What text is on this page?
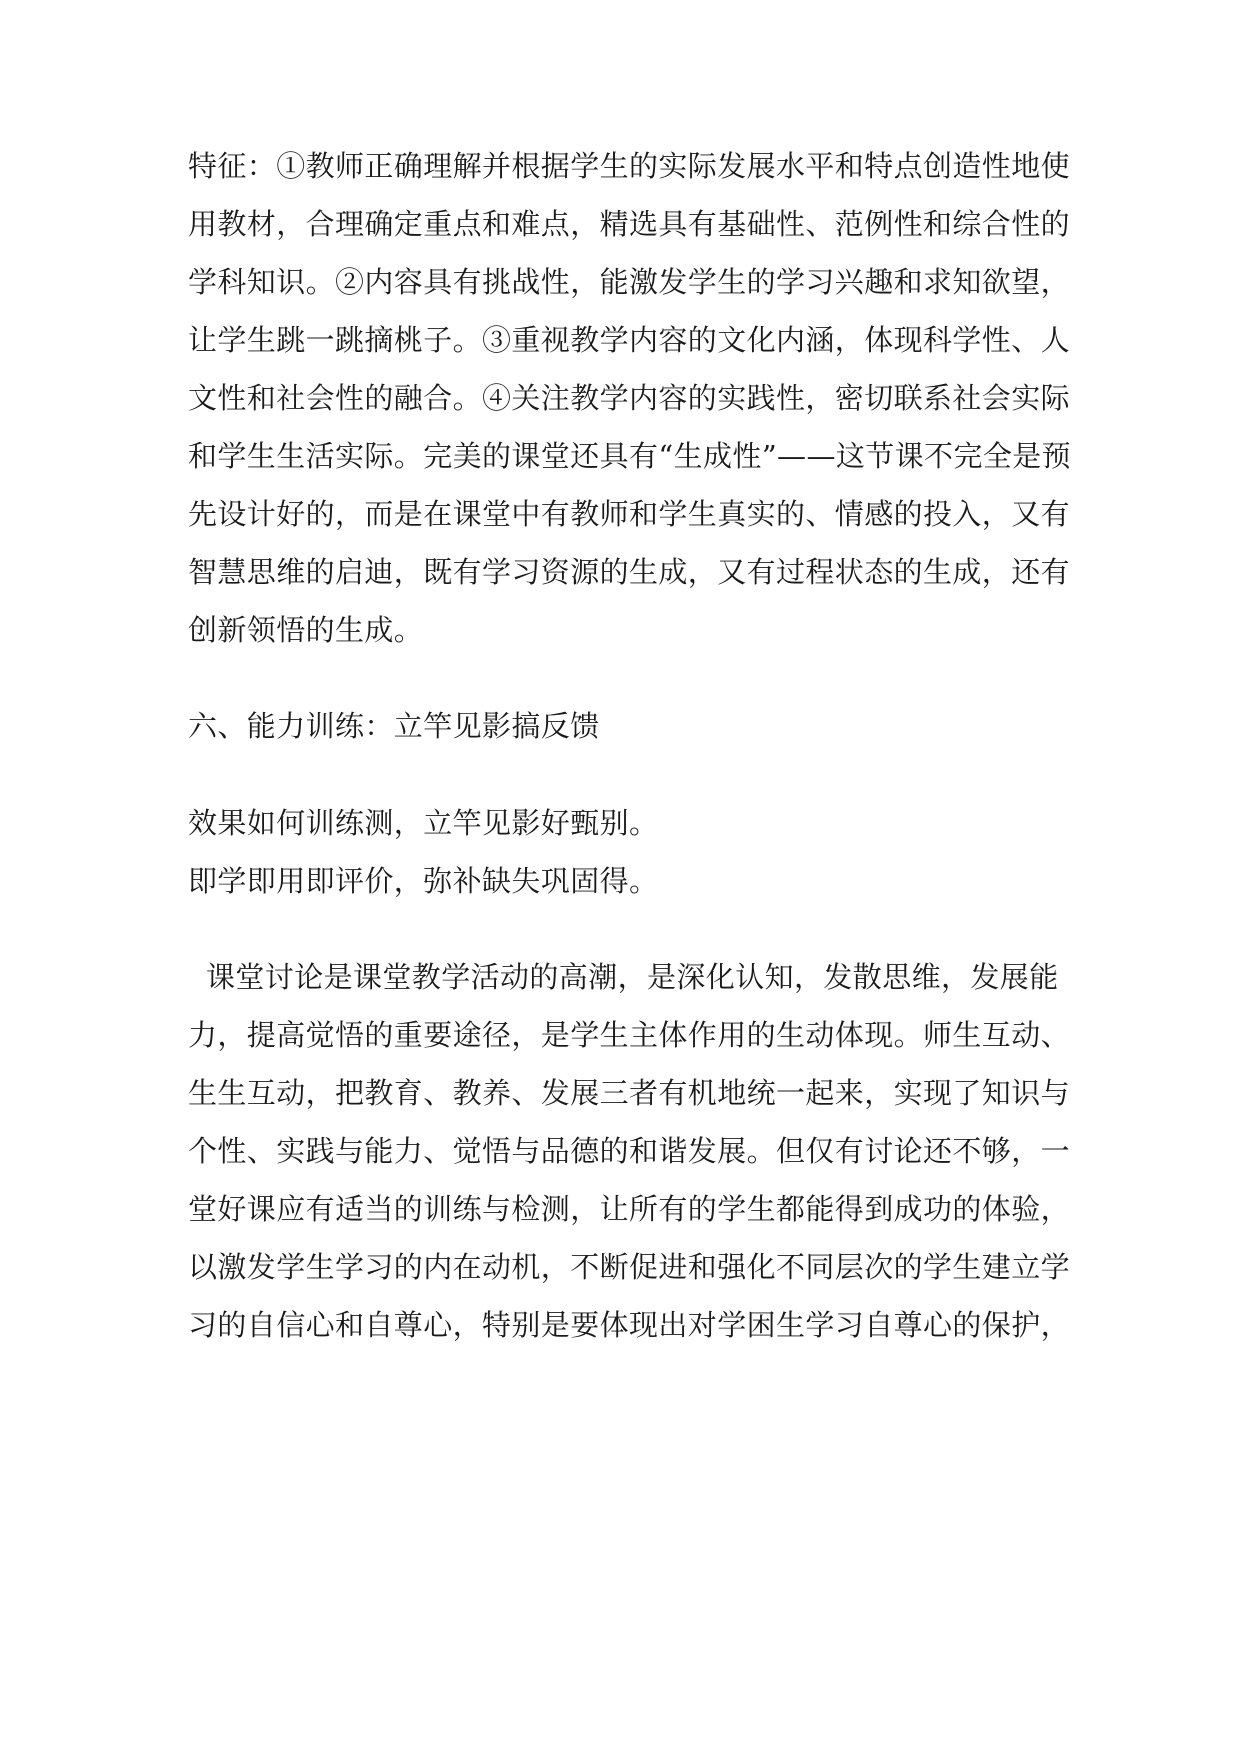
特征：①教师正确理解并根据学生的实际发展水平和特点创造性地使
用教材，合理确定重点和难点，精选具有基础性、范例性和综合性的
学科知识。②内容具有挑战性，能激发学生的学习兴趣和求知欲望，
让学生跳一跳摘桃子。③重视教学内容的文化内涵，体现科学性、人
文性和社会性的融合。④关注教学内容的实践性，密切联系社会实际
和学生生活实际。完美的课堂还具有“生成性”——这节课不完全是预
先设计好的，而是在课堂中有教师和学生真实的、情感的投入，又有
智慧思维的启迪，既有学习资源的生成，又有过程状态的生成，还有
创新领悟的生成。
六、能力训练：立竿见影搞反馈
效果如何训练测，立竿见影好甄别。
即学即用即评价，弥补缺失巩固得。
课堂讨论是课堂教学活动的高潮，是深化认知，发散思维，发展能
力，提高觉悟的重要途径，是学生主体作用的生动体现。师生互动、
生生互动，把教育、教养、发展三者有机地统一起来，实现了知识与
个性、实践与能力、觉悟与品德的和谐发展。但仅有讨论还不够，一
堂好课应有适当的训练与检测，让所有的学生都能得到成功的体验，
以激发学生学习的内在动机，不断促进和强化不同层次的学生建立学
习的自信心和自尊心，特别是要体现出对学困生学习自尊心的保护，
